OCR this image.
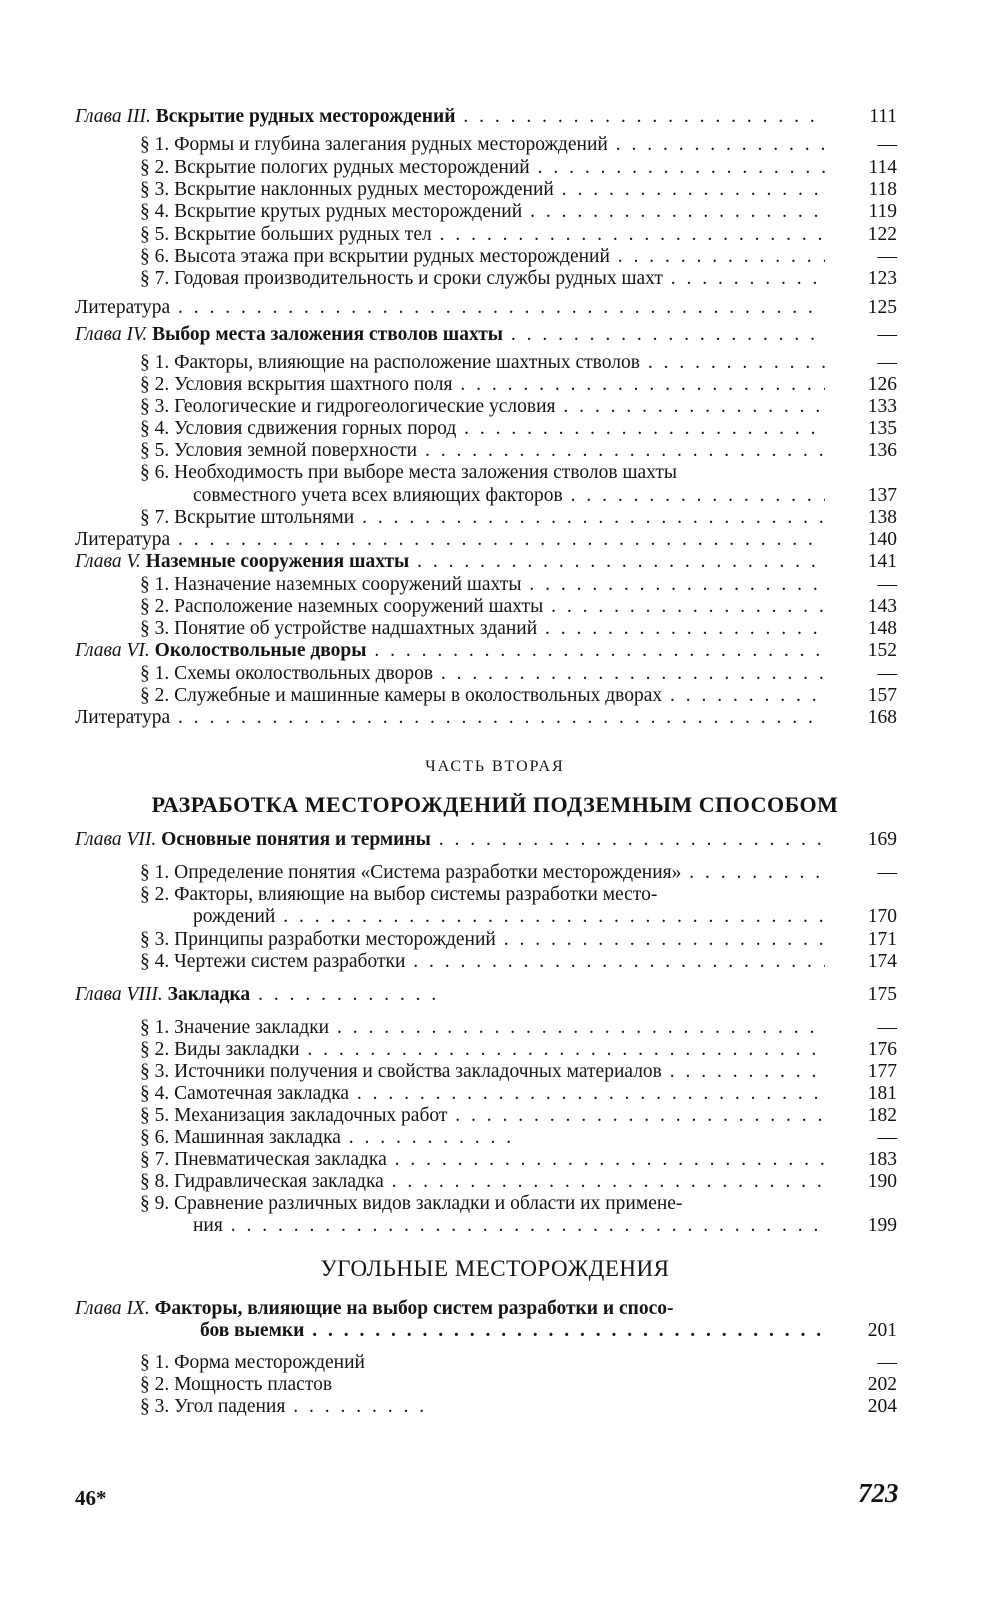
Глава III. Вскрытие рудных месторождений . . .	111
§ 1. Формы и глубина залегания рудных месторождений . . .	—
§ 2. Вскрытие пологих рудных месторождений . . .	114
§ 3. Вскрытие наклонных рудных месторождений . . .	118
§ 4. Вскрытие крутых рудных месторождений . . .	119
§ 5. Вскрытие больших рудных тел . . .	122
§ 6. Высота этажа при вскрытии рудных месторождений . . .	—
§ 7. Годовая производительность и сроки службы рудных шахт . . .	123
Литература . . .	125
Глава IV. Выбор места заложения стволов шахты . . .	—
§ 1. Факторы, влияющие на расположение шахтных стволов . . .	—
§ 2. Условия вскрытия шахтного поля . . .	126
§ 3. Геологические и гидрогеологические условия . . .	133
§ 4. Условия сдвижения горных пород . . .	135
§ 5. Условия земной поверхности . . .	136
§ 6. Необходимость при выборе места заложения стволов шахты
совместного учета всех влияющих факторов . . .	137
§ 7. Вскрытие штольнями . . .	138
Литература . . .	140
Глава V. Наземные сооружения шахты . . .	141
§ 1. Назначение наземных сооружений шахты . . .	—
§ 2. Расположение наземных сооружений шахты . . .	143
§ 3. Понятие об устройстве надшахтных зданий . . .	148
Глава VI. Околоствольные дворы . . .	152
§ 1. Схемы околоствольных дворов . . .	—
§ 2. Служебные и машинные камеры в околоствольных дворах . . .	157
Литература . . .	168
ЧАСТЬ ВТОРАЯ
РАЗРАБОТКА МЕСТОРОЖДЕНИЙ ПОДЗЕМНЫМ СПОСОБОМ
Глава VII. Основные понятия и термины . . .	169
§ 1. Определение понятия «Система разработки месторождения» . . .	—
§ 2. Факторы, влияющие на выбор системы разработки место-
рождений . . .	170
§ 3. Принципы разработки месторождений . . .	171
§ 4. Чертежи систем разработки . . .	174
Глава VIII. Закладка . . .	175
§ 1. Значение закладки . . .	—
§ 2. Виды закладки . . .	176
§ 3. Источники получения и свойства закладочных материалов . . .	177
§ 4. Самотечная закладка . . .	181
§ 5. Механизация закладочных работ . . .	182
§ 6. Машинная закладка . . .	—
§ 7. Пневматическая закладка . . .	183
§ 8. Гидравлическая закладка . . .	190
§ 9. Сравнение различных видов закладки и области их примене-
ния . . .	199
УГОЛЬНЫЕ МЕСТОРОЖДЕНИЯ
Глава IX. Факторы, влияющие на выбор систем разработки и спосо-
бов выемки . . .	201
§ 1. Форма месторождений	—
§ 2. Мощность пластов	202
§ 3. Угол падения . . .	204
46*	723
